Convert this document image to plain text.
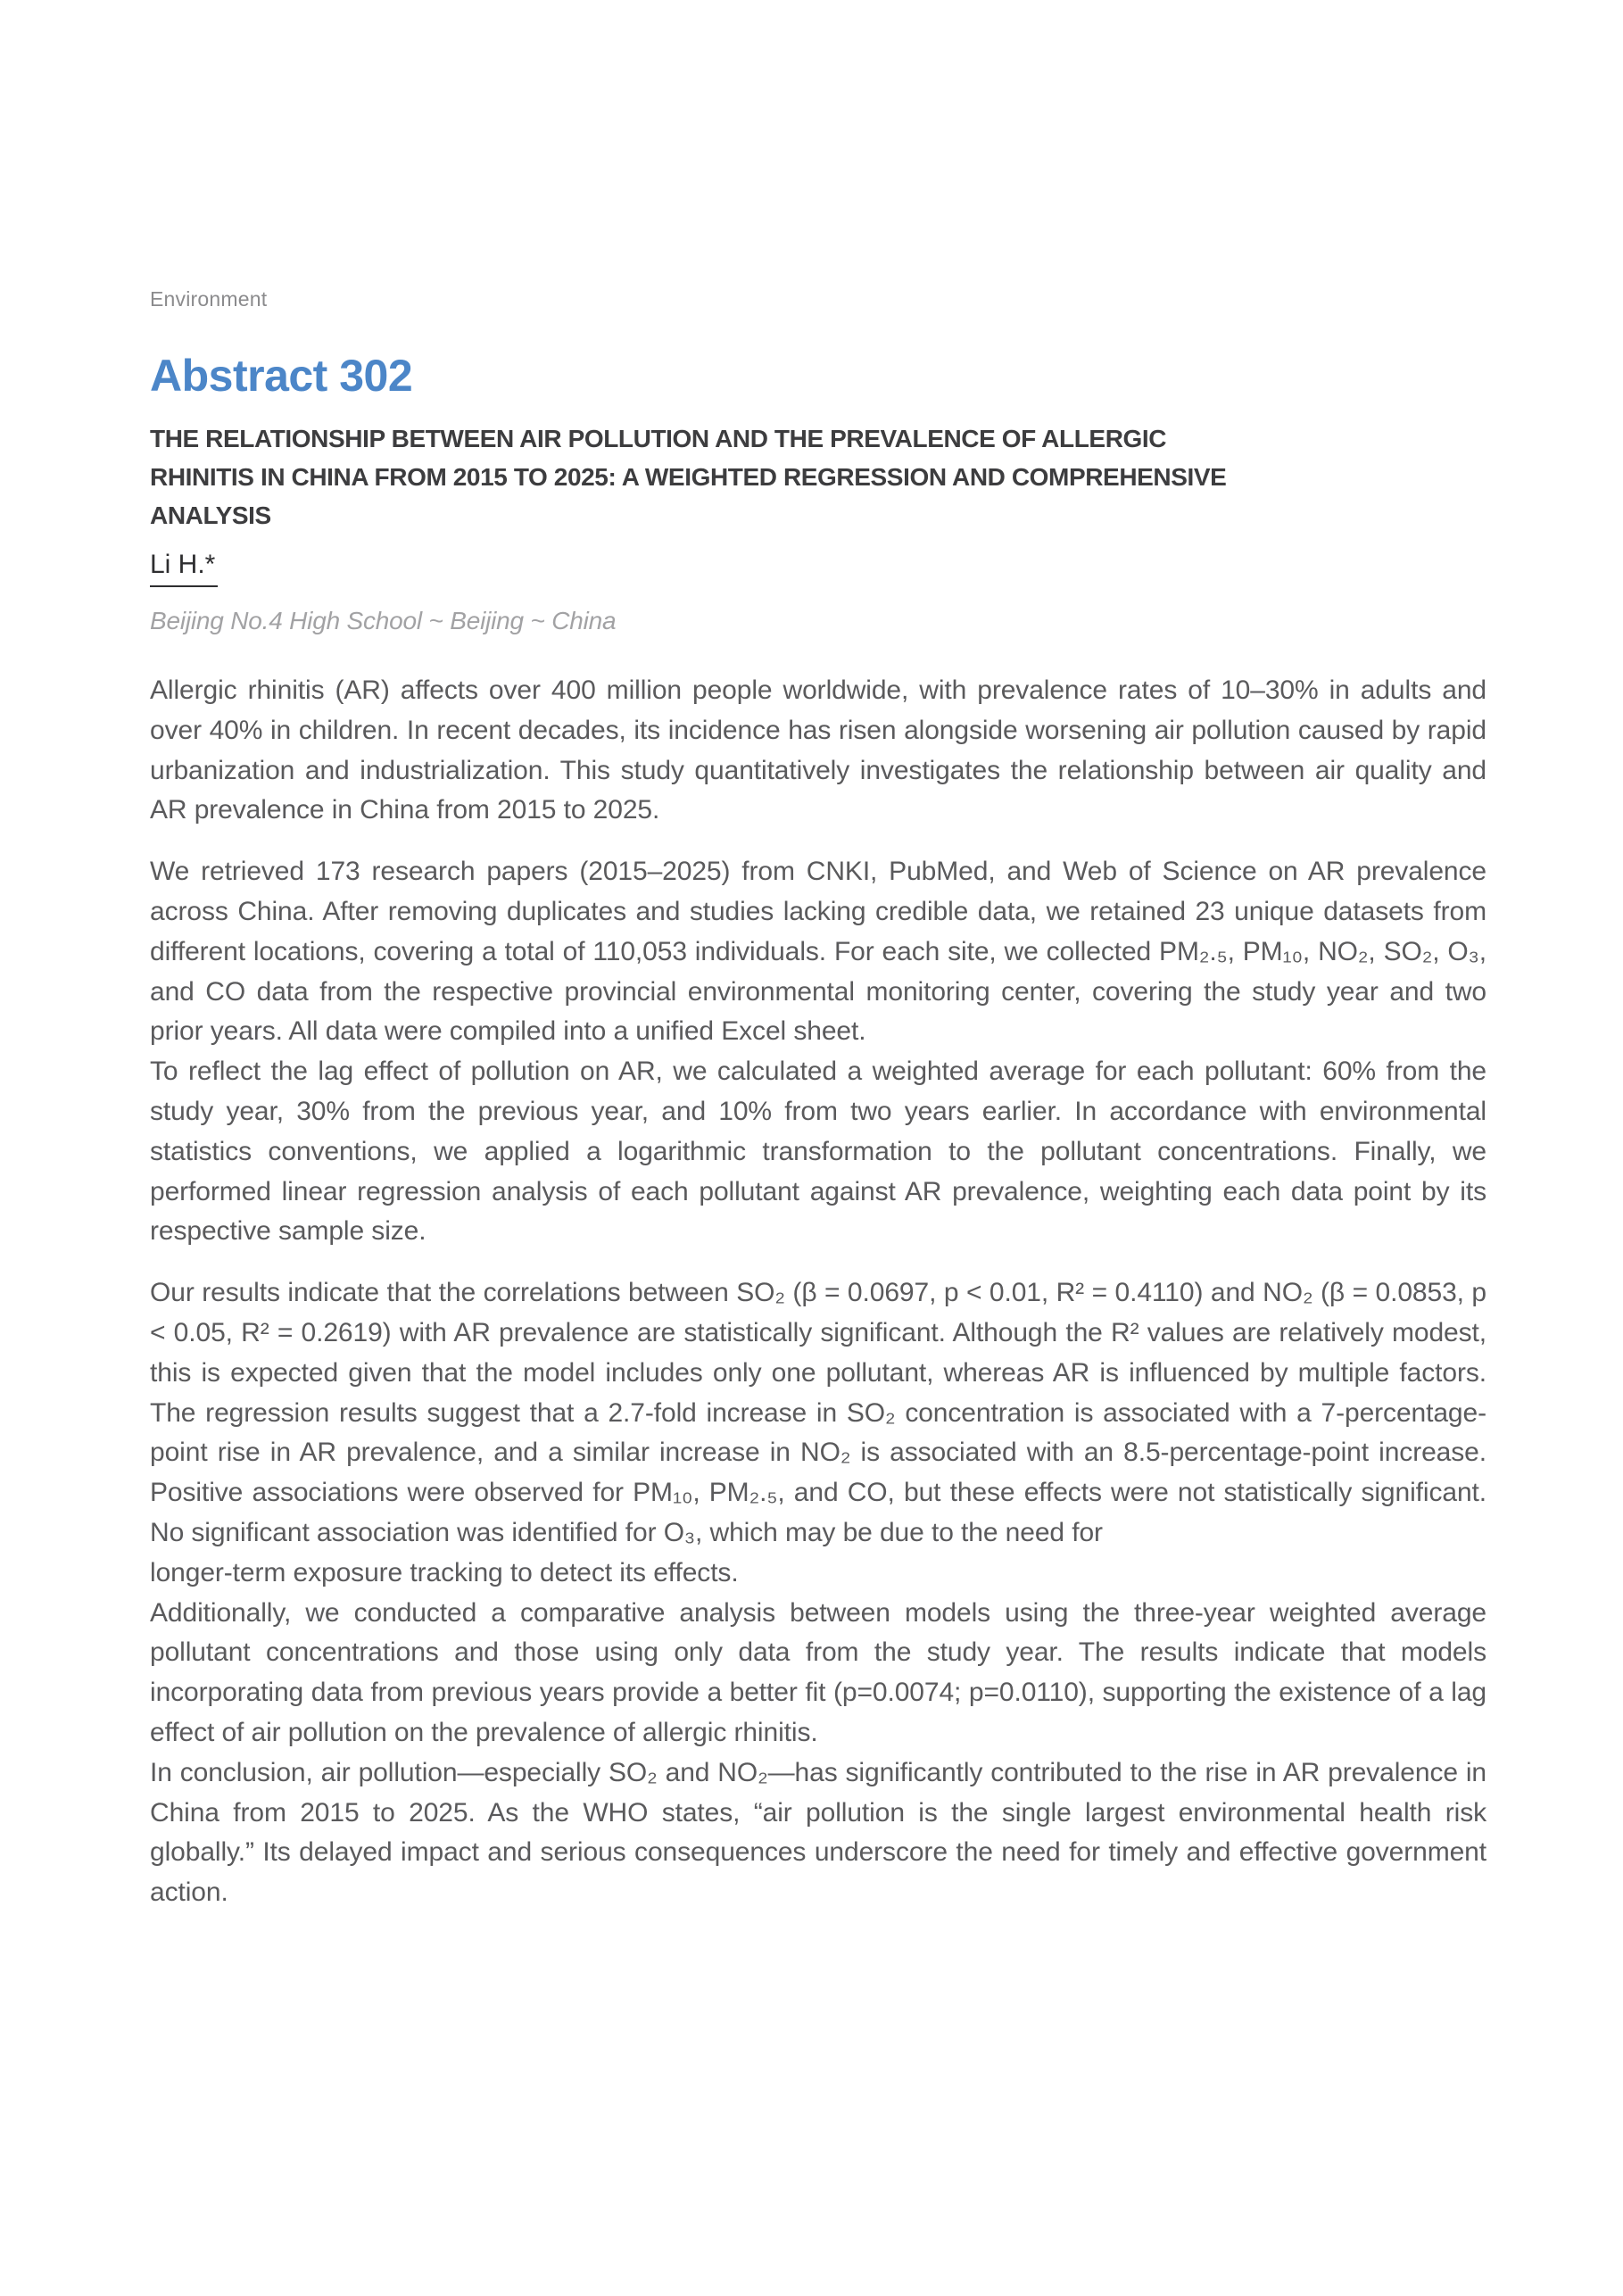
Environment
Abstract 302
THE RELATIONSHIP BETWEEN AIR POLLUTION AND THE PREVALENCE OF ALLERGIC RHINITIS IN CHINA FROM 2015 TO 2025: A WEIGHTED REGRESSION AND COMPREHENSIVE ANALYSIS
Li H.*
Beijing No.4 High School ~ Beijing ~ China

Allergic rhinitis (AR) affects over 400 million people worldwide, with prevalence rates of 10–30% in adults and over 40% in children. In recent decades, its incidence has risen alongside worsening air pollution caused by rapid urbanization and industrialization. This study quantitatively investigates the relationship between air quality and AR prevalence in China from 2015 to 2025.

We retrieved 173 research papers (2015–2025) from CNKI, PubMed, and Web of Science on AR prevalence across China. After removing duplicates and studies lacking credible data, we retained 23 unique datasets from different locations, covering a total of 110,053 individuals. For each site, we collected PM₂.₅, PM₁₀, NO₂, SO₂, O₃, and CO data from the respective provincial environmental monitoring center, covering the study year and two prior years. All data were compiled into a unified Excel sheet.

To reflect the lag effect of pollution on AR, we calculated a weighted average for each pollutant: 60% from the study year, 30% from the previous year, and 10% from two years earlier. In accordance with environmental statistics conventions, we applied a logarithmic transformation to the pollutant concentrations. Finally, we performed linear regression analysis of each pollutant against AR prevalence, weighting each data point by its respective sample size.

Our results indicate that the correlations between SO₂ (β = 0.0697, p < 0.01, R² = 0.4110) and NO₂ (β = 0.0853, p < 0.05, R² = 0.2619) with AR prevalence are statistically significant. Although the R² values are relatively modest, this is expected given that the model includes only one pollutant, whereas AR is influenced by multiple factors. The regression results suggest that a 2.7-fold increase in SO₂ concentration is associated with a 7-percentage-point rise in AR prevalence, and a similar increase in NO₂ is associated with an 8.5-percentage-point increase. Positive associations were observed for PM₁₀, PM₂.₅, and CO, but these effects were not statistically significant. No significant association was identified for O₃, which may be due to the need for

longer-term exposure tracking to detect its effects.

Additionally, we conducted a comparative analysis between models using the three-year weighted average pollutant concentrations and those using only data from the study year. The results indicate that models incorporating data from previous years provide a better fit (p=0.0074; p=0.0110), supporting the existence of a lag effect of air pollution on the prevalence of allergic rhinitis.

In conclusion, air pollution—especially SO₂ and NO₂—has significantly contributed to the rise in AR prevalence in China from 2015 to 2025. As the WHO states, “air pollution is the single largest environmental health risk globally.” Its delayed impact and serious consequences underscore the need for timely and effective government action.
